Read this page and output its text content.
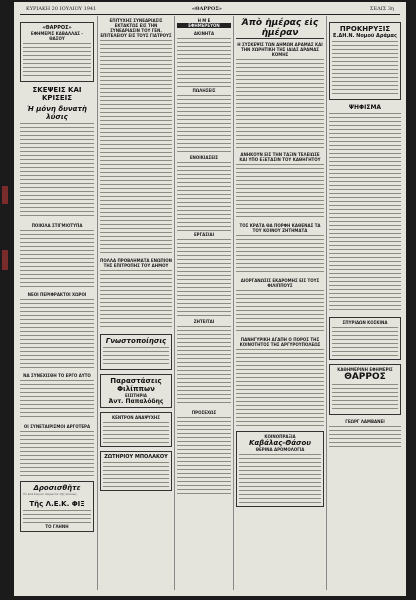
ΚΥΡΙΑΚΗ 20 ΙΟΥΛΙΟΥ 1941	«ΘΑΡΡΟΣ»	ΣΕΛΙΣ 3η
«ΘΑΡΡΟΣ»
ΕΦΗΜΕΡΙΣ ΚΑΒΑΛΛΑΣ - ΘΑΣΟΥ
ΣΚΕΨΕΙΣ ΚΑΙ ΚΡΙΣΕΙΣ
Ἡ μόνη δυνατὴ λύσις
ΠΟΙΚΙΛΑ ΣΤΙΓΜΙΟΤΥΠΑ
ΝΕΟΙ ΠΕΡΙΦΡΑΚΤΟΙ ΧΩΡΟΙ
ΝΑ ΣΥΝΕΧΙΣΘΗ ΤΟ ΕΡΓΟ ΑΥΤΟ
ΟΙ ΣΥΝΕΤΑΙΡΙΣΜΟΙ ΑΡΓΟΤΕΡΑ
Δροσισθῆτε
Τὸ καλύτερον παγωτὸν τῆς πόλεως
Τῆς Λ.Ε.Κ. ΦΙΞ
ΤΟ ΓΛΗΝΗ
ΕΠΙΤΥΧΗΣ ΣΥΝΕΔΡΙΑΣΙΣ ΕΚΤΑΚΤΩΣ ΕΙΣ ΤΗΝ ΣΥΝΕΔΡΙΑΣΙΝ ΤΟΥ ΓΕΝ. ΕΠΙΤΕΛΕΙΟΥ ΕΙΣ ΤΟΥΣ ΓΙΑΤΡΟΥΣ
ΠΟΛΛΑ ΠΡΟΒΛΗΜΑΤΑ ΕΝΩΠΙΟΝ ΤΗΣ ΕΠΙΤΡΟΠΗΣ ΤΟΥ ΔΗΜΟΥ
Γνωστοποίησις
Παραστάσεις Φιλίππων
ΕΙΣΙΤΗΡΙΑ
Ἀντ. Παπαλόδης
ΚΕΝΤΡΟΝ ΑΝΑΨΥΧΗΣ
ΖΩΤΗΡΙΟΥ ΜΠΟΛΑΚΟΥ
Η Μ Ε
ΕΦΗΜΕΡΕΥΟΝ
ΑΚΙΝΗΤΑ
ΠΩΛΗΣΕΙΣ
ΕΝΟΙΚΙΑΣΕΙΣ
ΕΡΓΑΣΙΑΙ
ΖΗΤΕΙΤΑΙ
ΠΡΟΣΕΧΩΣ
Ἀπὸ ἡμέρας εἰς ἡμέραν
Η ΣΥΣΚΕΨΙΣ ΤΩΝ ΔΗΜΩΝ ΔΡΑΜΑΣ ΚΑΙ ΤΗΝ ΧΩΡΗΤΙΚΗ ΤΗΣ ΙΔΙΑΣ ΔΡΑΜΑΣ ΚΟΜΗΣ
ΑΝΗΚΟΥΝ ΕΙΣ ΤΗΝ ΤΑΞΙΝ ΤΕΛΕΙΩΣΕ ΚΑΙ ΥΠΟ ΕΞΕΤΑΣΙΝ ΤΟΥ ΚΑΘΗΓΗΤΟΥ
ΤΟΣ ΚΡΑΤΑ ΘΑ ΠΟΡΦΗ ΚΑΘΕΝΑΣ ΤΑ ΤΟΥ ΚΟΙΝΟΥ ΖΗΤΗΜΑΤΑ
ΔΙΟΡΓΑΝΩΣΙΣ ΕΚΔΡΟΜΗΣ ΕΙΣ ΤΟΥΣ ΦΙΛΙΠΠΟΥΣ
ΠΑΝΗΓΥΡΙΚΗ ΑΓΑΠΗ Ο ΠΟΡΟΣ ΤΗΣ ΚΟΙΝΟΤΗΤΟΣ ΤΗΣ ΑΡΓΥΡΟΥΠΟΛΕΩΣ
ΚΟΙΝΟΠΡΑΞΙΑ
Καβάλας-Θάσου
ΘΕΡΙΝΑ ΔΡΟΜΟΛΟΓΙΑ
ΠΡΟΚΗΡΥΞΙΣ
Ε.ΔΗ.Ν. Νομοῦ Δράμας
ΨΗΦΙΣΜΑ
ΣΠΥΡΙΔΩΝ ΚΟΣΚΙΝΑ
ΚΑΘΗΜΕΡΙΝΗ ΕΦΗΜΕΡΙΣ
ΘΑΡΡΟΣ
ΓΕΩΡΓ ΛΑΜΒΑΝΕΙ
